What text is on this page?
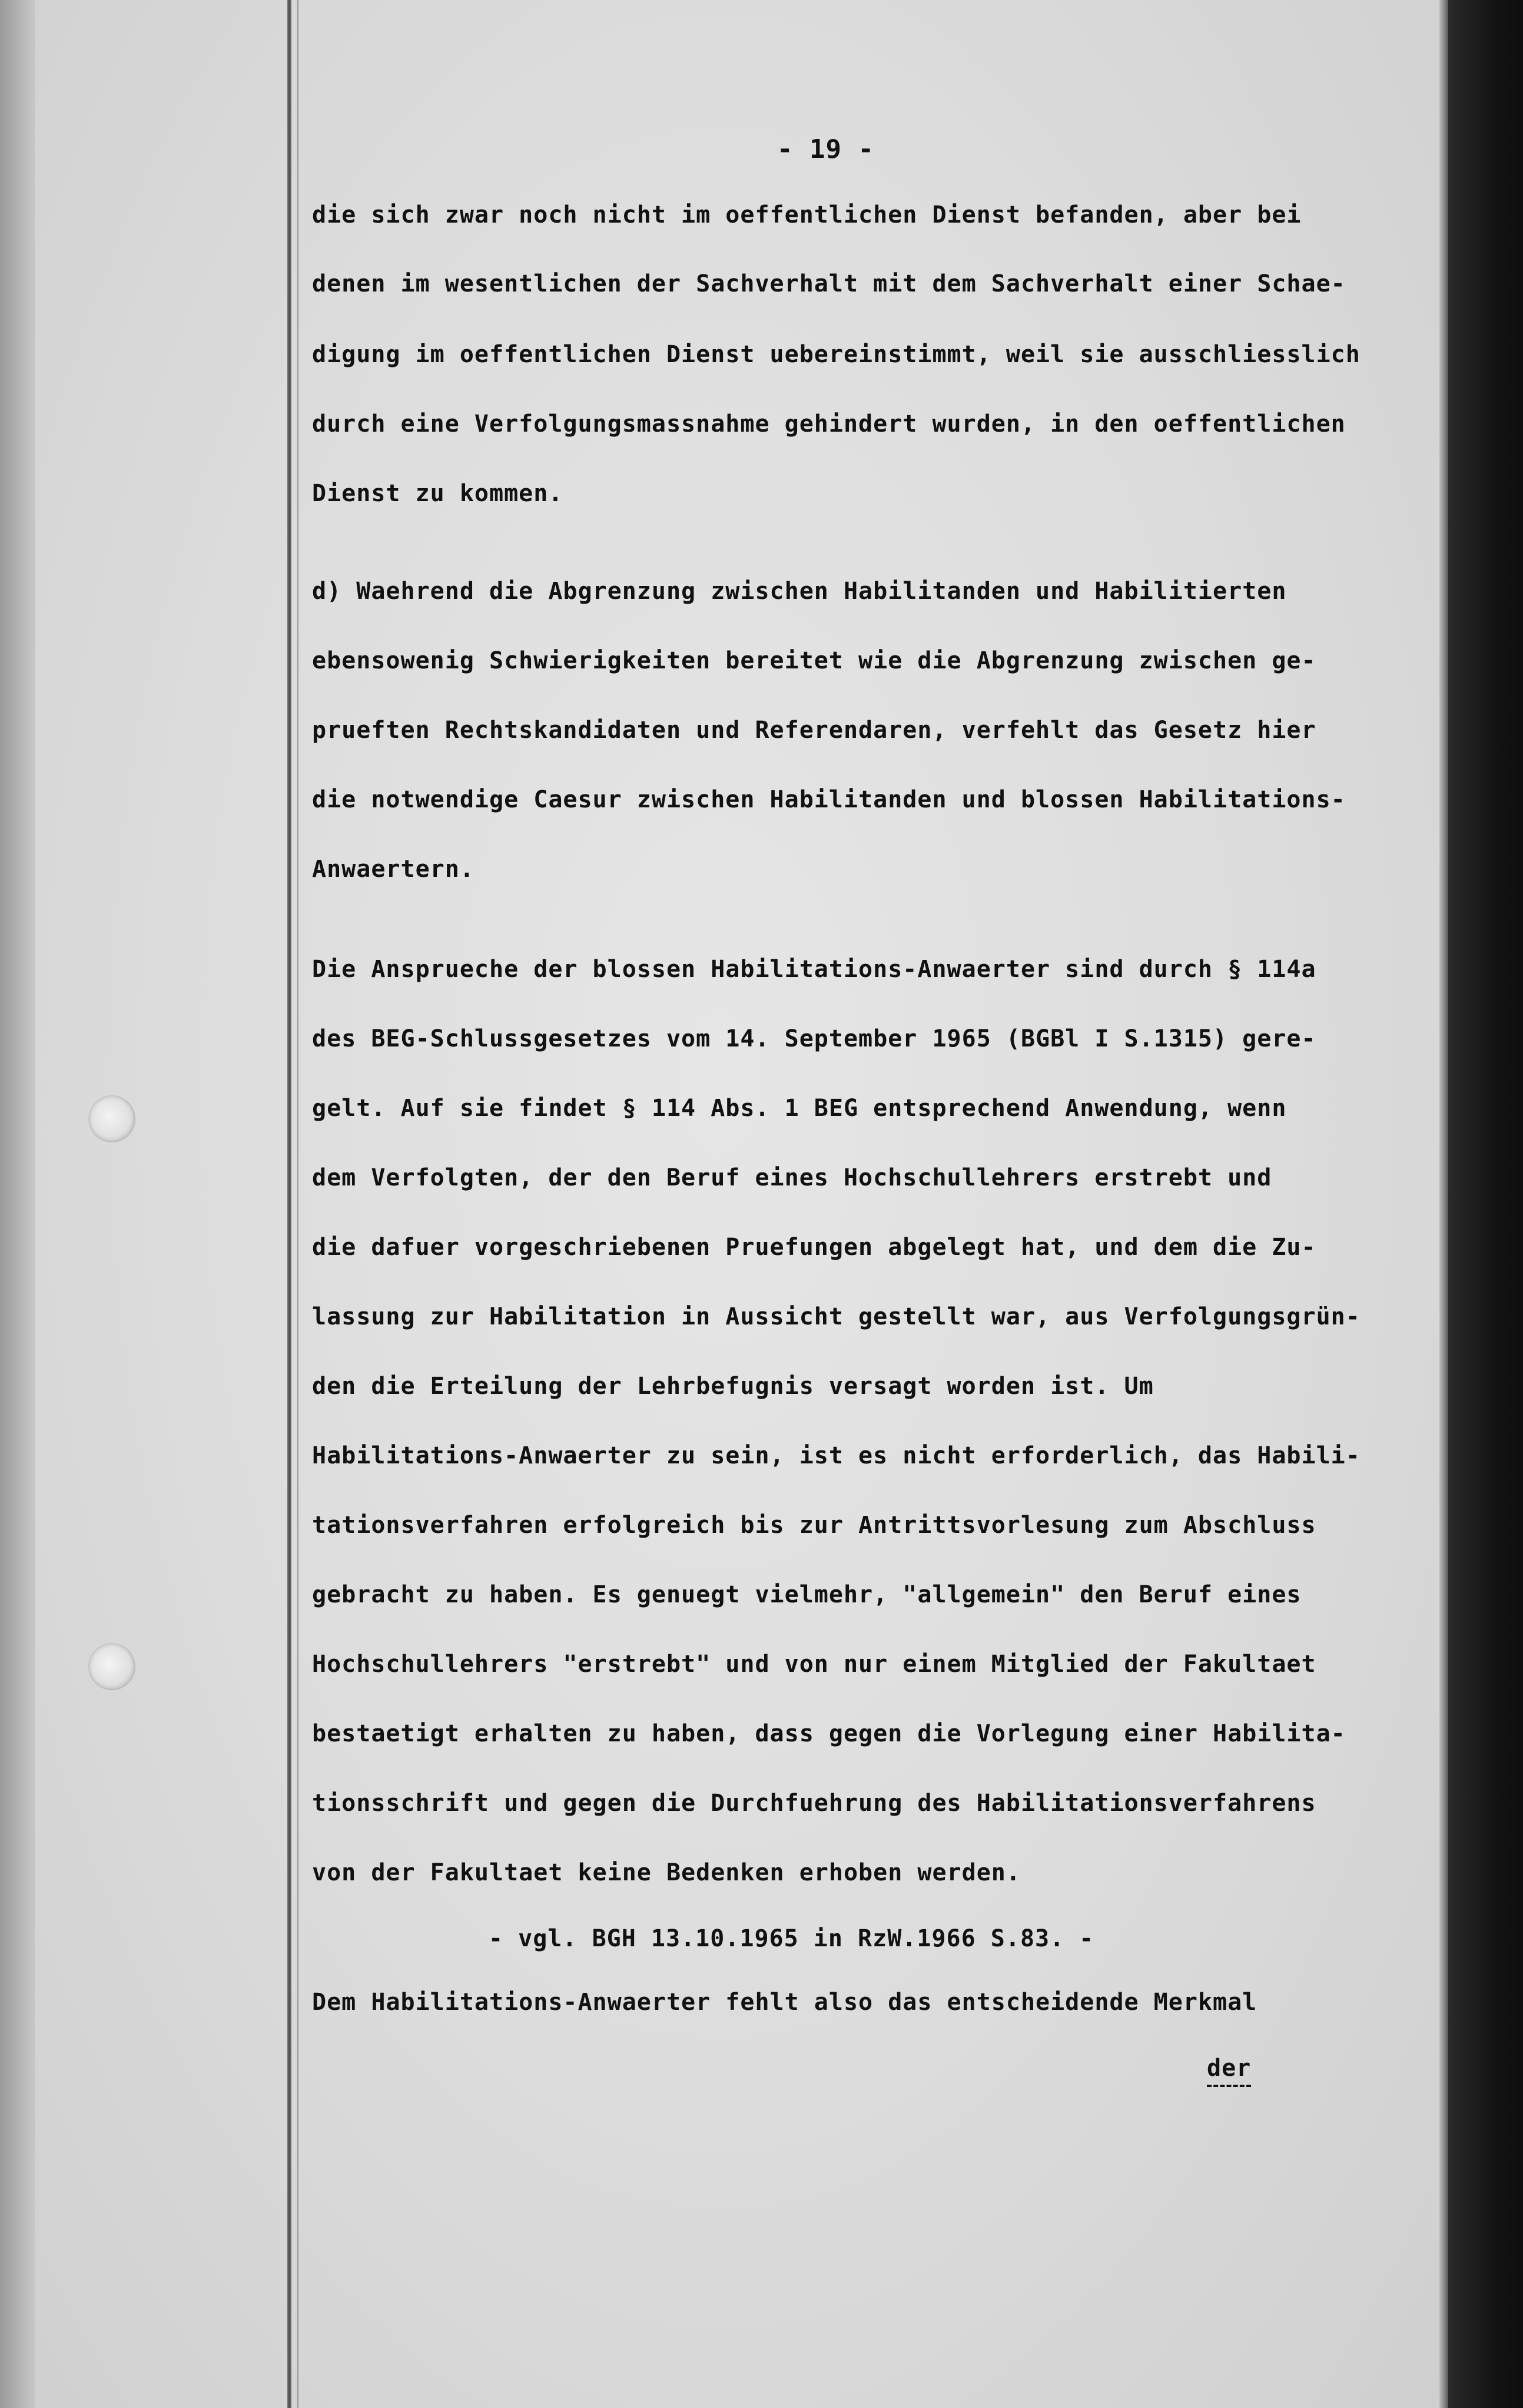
- 19 -

die sich zwar noch nicht im oeffentlichen Dienst befanden, aber bei

denen im wesentlichen der Sachverhalt mit dem Sachverhalt einer Schae-

digung im oeffentlichen Dienst uebereinstimmt, weil sie ausschliesslich

durch eine Verfolgungsmassnahme gehindert wurden, in den oeffentlichen

Dienst zu kommen.

d) Waehrend die Abgrenzung zwischen Habilitanden und Habilitierten

ebensowenig Schwierigkeiten bereitet wie die Abgrenzung zwischen ge-

prueften Rechtskandidaten und Referendaren, verfehlt das Gesetz hier

die notwendige Caesur zwischen Habilitanden und blossen Habilitations-

Anwaertern.

Die Ansprueche der blossen Habilitations-Anwaerter sind durch § 114a

des BEG-Schlussgesetzes vom 14. September 1965 (BGBl I S.1315) gere-

gelt. Auf sie findet § 114 Abs. 1 BEG entsprechend Anwendung, wenn

dem Verfolgten, der den Beruf eines Hochschullehrers erstrebt und

die dafuer vorgeschriebenen Pruefungen abgelegt hat, und dem die Zu-

lassung zur Habilitation in Aussicht gestellt war, aus Verfolgungsgrün-

den die Erteilung der Lehrbefugnis versagt worden ist. Um

Habilitations-Anwaerter zu sein, ist es nicht erforderlich, das Habili-

tationsverfahren erfolgreich bis zur Antrittsvorlesung zum Abschluss

gebracht zu haben. Es genuegt vielmehr, "allgemein" den Beruf eines

Hochschullehrers "erstrebt" und von nur einem Mitglied der Fakultaet

bestaetigt erhalten zu haben, dass gegen die Vorlegung einer Habilita-

tionsschrift und gegen die Durchfuehrung des Habilitationsverfahrens

von der Fakultaet keine Bedenken erhoben werden.

- vgl. BGH 13.10.1965 in RzW.1966 S.83. -

Dem Habilitations-Anwaerter fehlt also das entscheidende Merkmal

der
